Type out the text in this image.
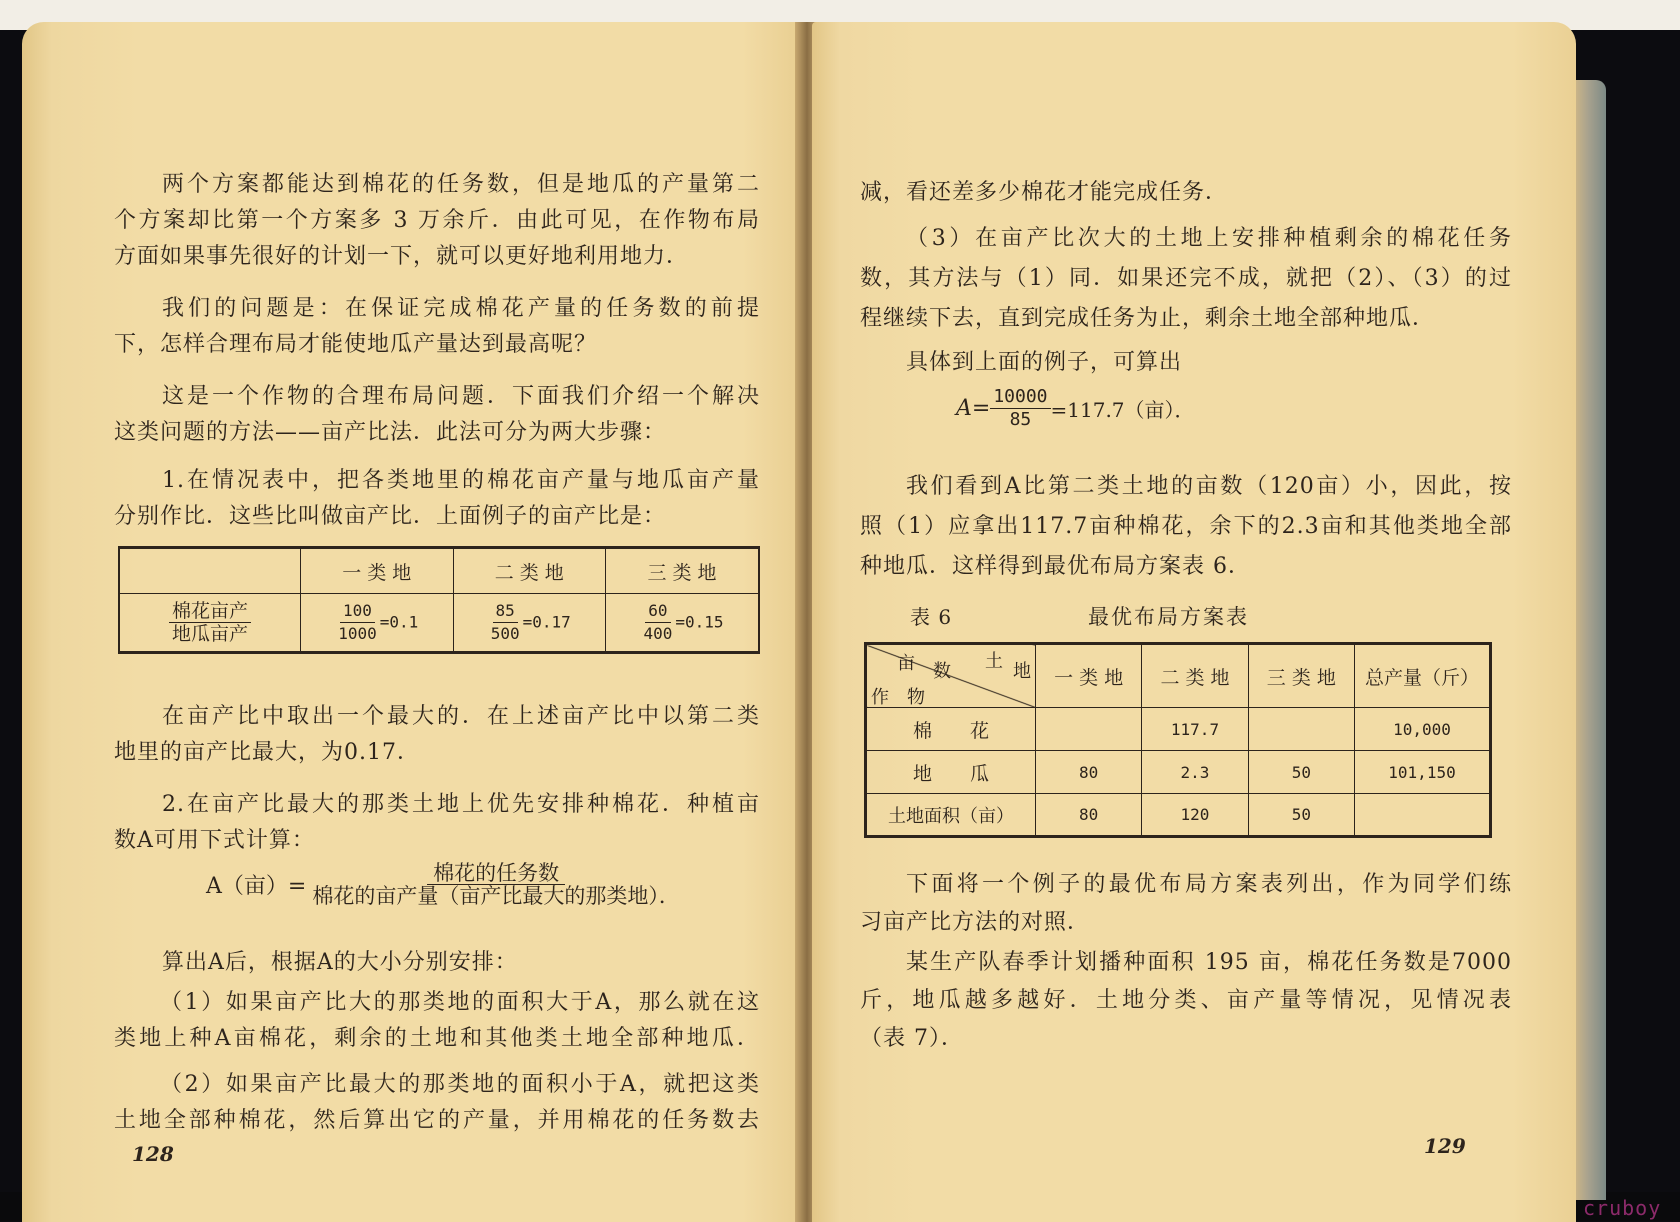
两个方案都能达到棉花的任务数，但是地瓜的产量第二

个方案却比第一个方案多 3 万余斤．由此可见，在作物布局

方面如果事先很好的计划一下，就可以更好地利用地力．

我们的问题是：在保证完成棉花产量的任务数的前提

下，怎样合理布局才能使地瓜产量达到最高呢？

这是一个作物的合理布局问题．下面我们介绍一个解决

这类问题的方法——亩产比法．此法可分为两大步骤：

1.在情况表中，把各类地里的棉花亩产量与地瓜亩产量

分别作比．这些比叫做亩产比．上面例子的亩产比是：

	一 类 地	二 类 地	三 类 地

$\frac{\text{棉花亩产}}{\text{地瓜亩产}}$	$\frac{100}{1000} =0.1$	$\frac{85}{500} =0.17$	$\frac{60}{400} =0.15$

在亩产比中取出一个最大的．在上述亩产比中以第二类

地里的亩产比最大，为0.17．

2.在亩产比最大的那类土地上优先安排种棉花．种植亩

数A可用下式计算：

A（亩）= $\frac{\text{棉花的任务数}}{\text{棉花的亩产量（亩产比最大的那类地）．}}$

算出A后，根据A的大小分别安排：

（1）如果亩产比大的那类地的面积大于A，那么就在这

类地上种A亩棉花，剩余的土地和其他类土地全部种地瓜．

（2）如果亩产比最大的那类地的面积小于A，就把这类

土地全部种棉花，然后算出它的产量，并用棉花的任务数去

128

减，看还差多少棉花才能完成任务．

（3）在亩产比次大的土地上安排种植剩余的棉花任务

数，其方法与（1）同．如果还完不成，就把（2）、（3）的过

程继续下去，直到完成任务为止，剩余土地全部种地瓜．

具体到上面的例子，可算出

$A= \frac{10000}{85} =117.7$（亩）．

我们看到A比第二类土地的亩数（120亩）小，因此，按

照（1）应拿出117.7亩种棉花，余下的2.3亩和其他类地全部

种地瓜．这样得到最优布局方案表 6．

表 6	最优布局方案表

亩 数 土 地
作　物	一 类 地	二 类 地	三 类 地	总产量（斤）
棉　　花		117.7		10,000
地　　瓜	80	2.3	50	101,150
土地面积（亩）	80	120	50	

下面将一个例子的最优布局方案表列出，作为同学们练

习亩产比方法的对照．

某生产队春季计划播种面积 195 亩，棉花任务数是7000

斤，地瓜越多越好．土地分类、亩产量等情况，见情况表

（表 7）．

129

cruboy
